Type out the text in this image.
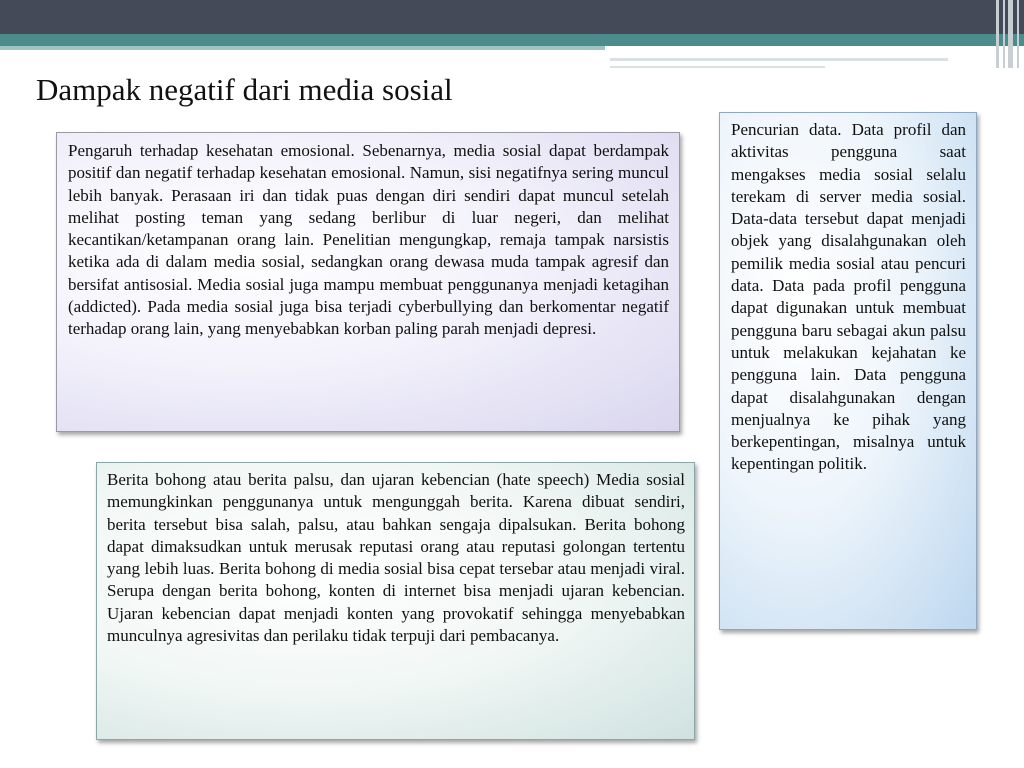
Dampak negatif dari media sosial

Pengaruh terhadap kesehatan emosional. Sebenarnya, media sosial dapat berdampak positif dan negatif terhadap kesehatan emosional. Namun, sisi negatifnya sering muncul lebih banyak. Perasaan iri dan tidak puas dengan diri sendiri dapat muncul setelah melihat posting teman yang sedang berlibur di luar negeri, dan melihat kecantikan/ketampanan orang lain. Penelitian mengungkap, remaja tampak narsistis ketika ada di dalam media sosial, sedangkan orang dewasa muda tampak agresif dan bersifat antisosial. Media sosial juga mampu membuat penggunanya menjadi ketagihan (addicted). Pada media sosial juga bisa terjadi cyberbullying dan berkomentar negatif terhadap orang lain, yang menyebabkan korban paling parah menjadi depresi.

Berita bohong atau berita palsu, dan ujaran kebencian (hate speech) Media sosial memungkinkan penggunanya untuk mengunggah berita. Karena dibuat sendiri, berita tersebut bisa salah, palsu, atau bahkan sengaja dipalsukan. Berita bohong dapat dimaksudkan untuk merusak reputasi orang atau reputasi golongan tertentu yang lebih luas. Berita bohong di media sosial bisa cepat tersebar atau menjadi viral. Serupa dengan berita bohong, konten di internet bisa menjadi ujaran kebencian. Ujaran kebencian dapat menjadi konten yang provokatif sehingga menyebabkan munculnya agresivitas dan perilaku tidak terpuji dari pembacanya.

Pencurian data. Data profil dan aktivitas pengguna saat mengakses media sosial selalu terekam di server media sosial. Data-data tersebut dapat menjadi objek yang disalahgunakan oleh pemilik media sosial atau pencuri data. Data pada profil pengguna dapat digunakan untuk membuat pengguna baru sebagai akun palsu untuk melakukan kejahatan ke pengguna lain. Data pengguna dapat disalahgunakan dengan menjualnya ke pihak yang berkepentingan, misalnya untuk kepentingan politik.
